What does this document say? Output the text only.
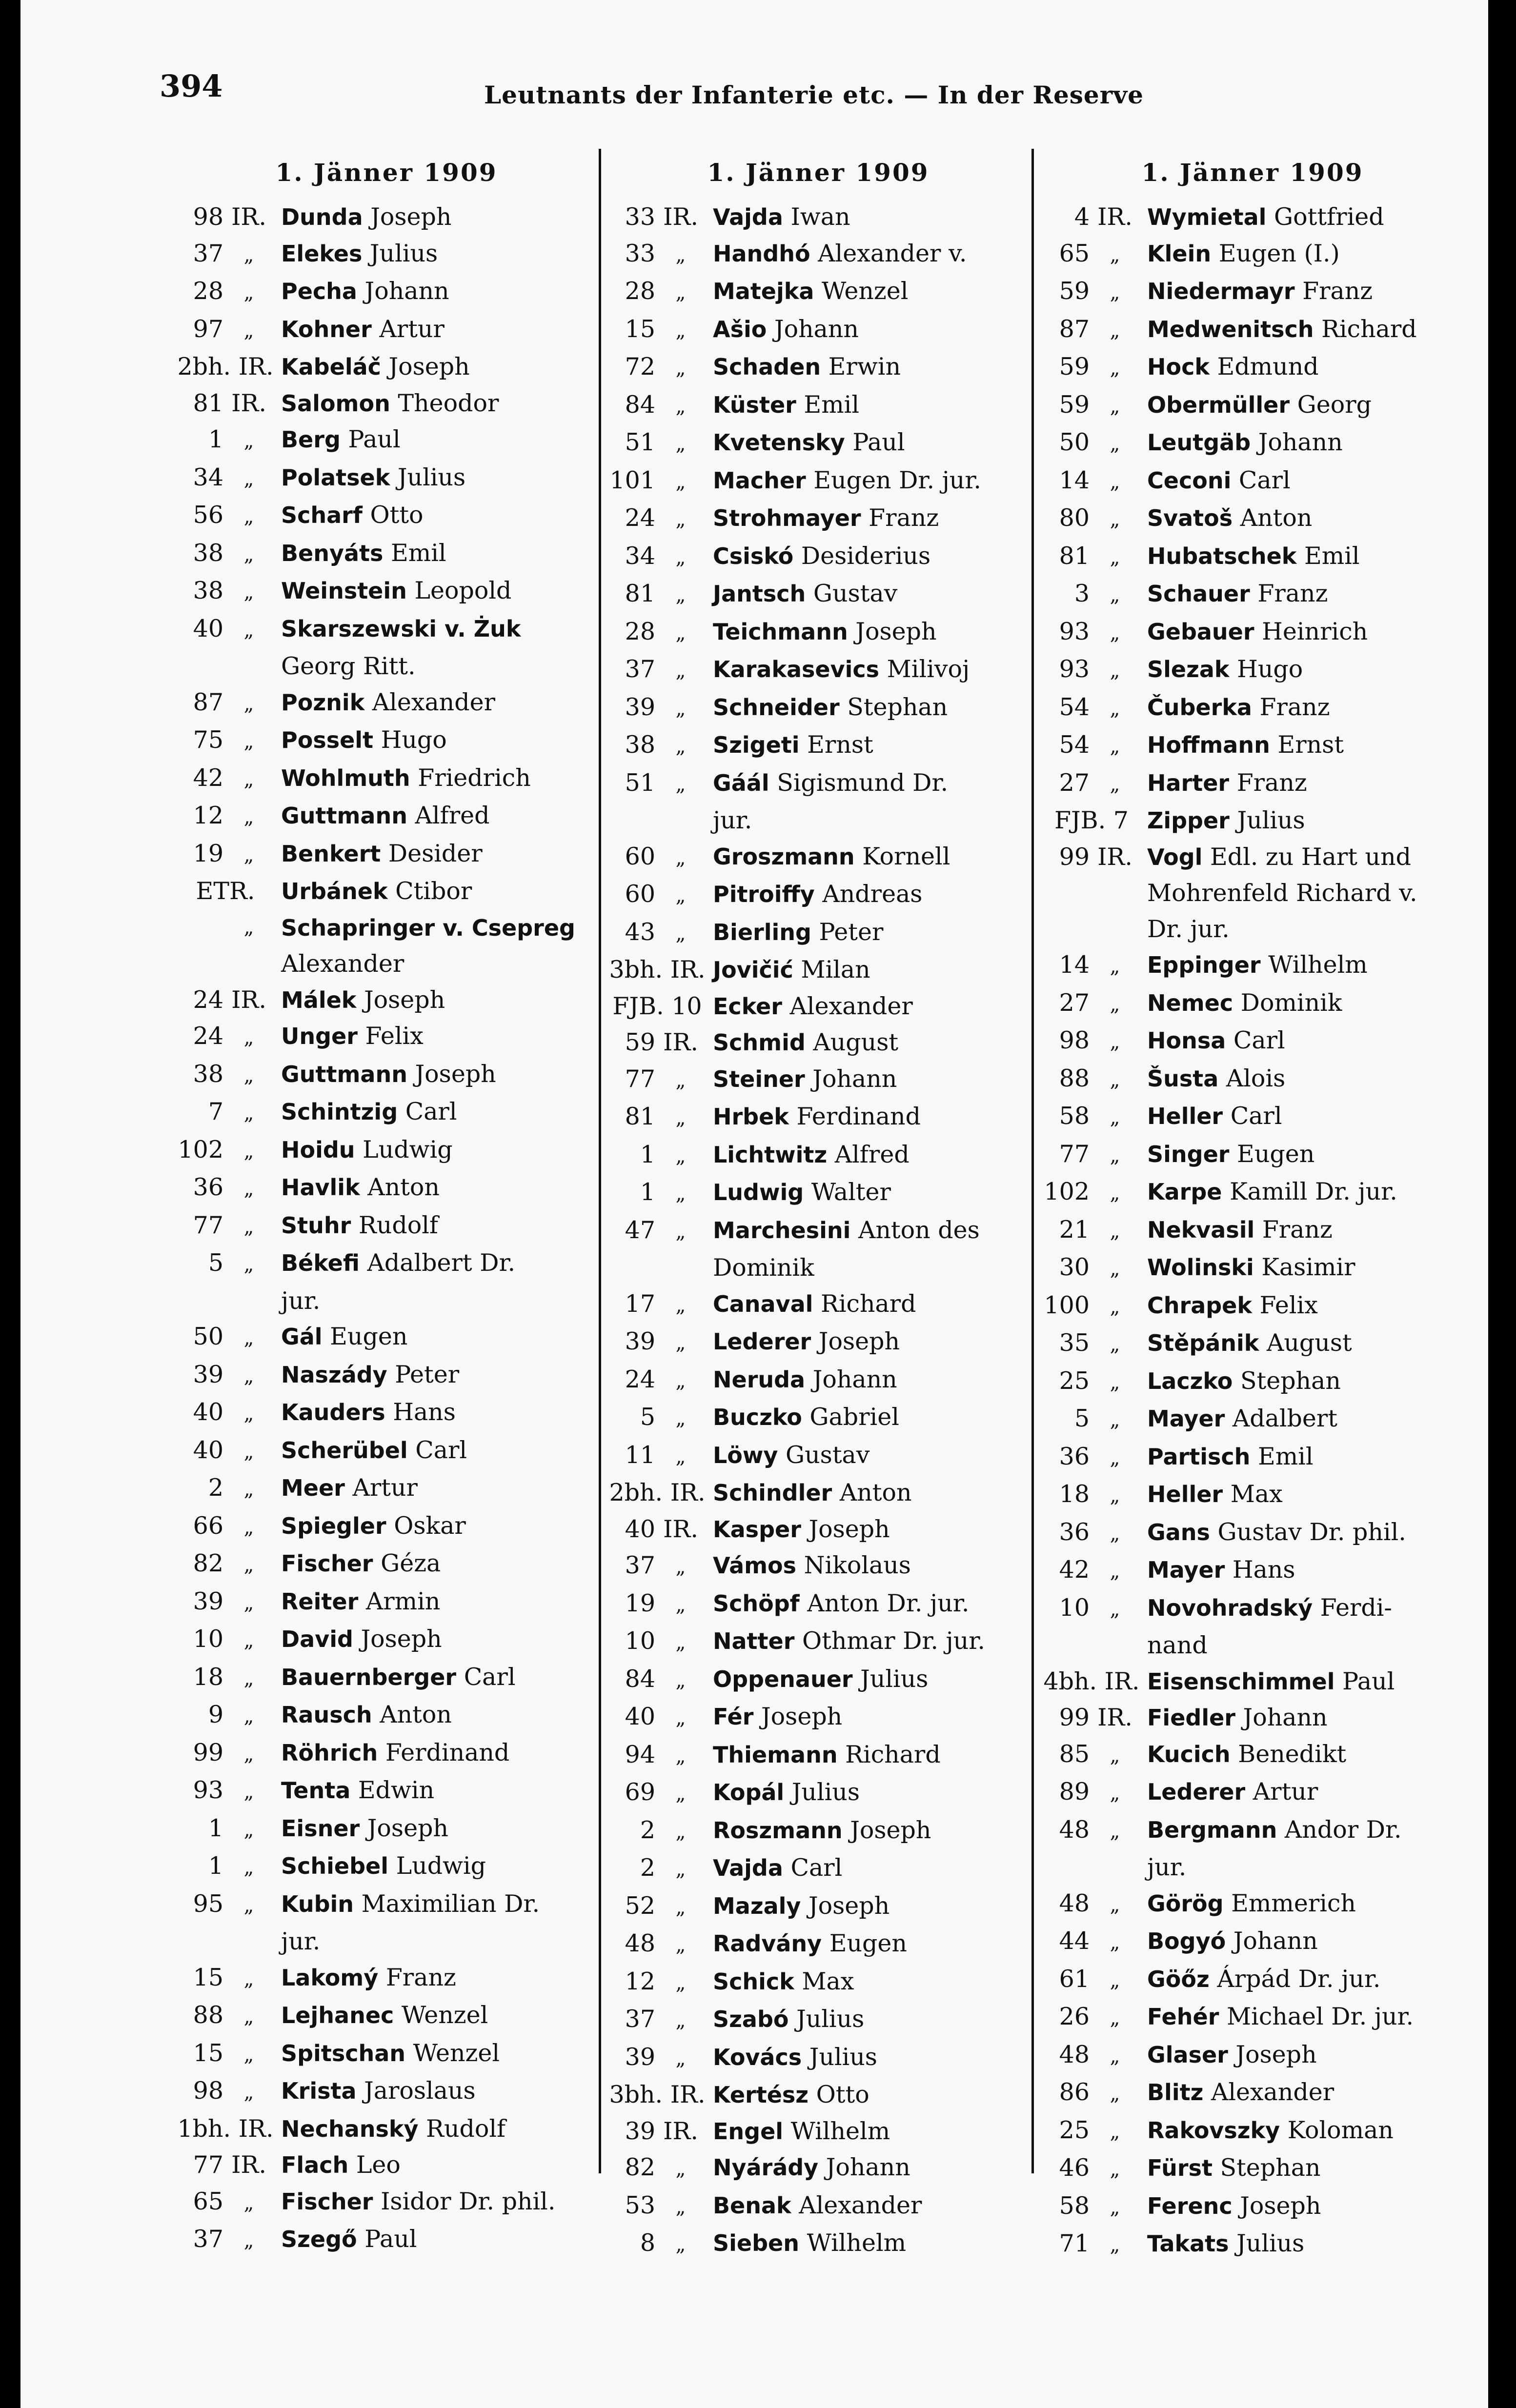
394	Leutnants der Infanterie etc. — In der Reserve
1. Jänner 1909
98 IR. Dunda Joseph
37	„	Elekes Julius
28	„	Pecha Johann
97	„	Kohner Artur
2bh. IR. Kabeláč Joseph
81 IR. Salomon Theodor
1	„	Berg Paul
34	„	Polatsek Julius
56	„	Scharf Otto
38	„	Benyáts Emil
38	„	Weinstein Leopold
40	„	Skarszewski v. Żuk
Georg Ritt.
87	„	Poznik Alexander
75	„	Posselt Hugo
42	„	Wohlmuth Friedrich
12	„	Guttmann Alfred
19	„	Benkert Desider
ETR.	Urbánek Ctibor
„	Schapringer v. Csepreg
Alexander
24 IR. Málek Joseph
24	„	Unger Felix
38	„	Guttmann Joseph
7	„	Schintzig Carl
102	„	Hoidu Ludwig
36	„	Havlik Anton
77	„	Stuhr Rudolf
5	„	Békefi Adalbert Dr.
jur.
50	„	Gál Eugen
39	„	Naszády Peter
40	„	Kauders Hans
40	„	Scherübel Carl
2	„	Meer Artur
66	„	Spiegler Oskar
82	„	Fischer Géza
39	„	Reiter Armin
10	„	David Joseph
18	„	Bauernberger Carl
9	„	Rausch Anton
99	„	Röhrich Ferdinand
93	„	Tenta Edwin
1	„	Eisner Joseph
1	„	Schiebel Ludwig
95	„	Kubin Maximilian Dr.
jur.
15	„	Lakomý Franz
88	„	Lejhanec Wenzel
15	„	Spitschan Wenzel
98	„	Krista Jaroslaus
1bh. IR. Nechanský Rudolf
77 IR. Flach Leo
65	„	Fischer Isidor Dr. phil.
37	„	Szegő Paul
1. Jänner 1909
33 IR. Vajda Iwan
33	„	Handhó Alexander v.
28	„	Matejka Wenzel
15	„	Ašio Johann
72	„	Schaden Erwin
84	„	Küster Emil
51	„	Kvetensky Paul
101	„	Macher Eugen Dr. jur.
24	„	Strohmayer Franz
34	„	Csiskó Desiderius
81	„	Jantsch Gustav
28	„	Teichmann Joseph
37	„	Karakasevics Milivoj
39	„	Schneider Stephan
38	„	Szigeti Ernst
51	„	Gáál Sigismund Dr.
jur.
60	„	Groszmann Kornell
60	„	Pitroiffy Andreas
43	„	Bierling Peter
3bh. IR. Jovičić Milan
FJB. 10 Ecker Alexander
59 IR. Schmid August
77	„	Steiner Johann
81	„	Hrbek Ferdinand
1	„	Lichtwitz Alfred
1	„	Ludwig Walter
47	„	Marchesini Anton des
Dominik
17	„	Canaval Richard
39	„	Lederer Joseph
24	„	Neruda Johann
5	„	Buczko Gabriel
11	„	Löwy Gustav
2bh. IR. Schindler Anton
40 IR. Kasper Joseph
37	„	Vámos Nikolaus
19	„	Schöpf Anton Dr. jur.
10	„	Natter Othmar Dr. jur.
84	„	Oppenauer Julius
40	„	Fér Joseph
94	„	Thiemann Richard
69	„	Kopál Julius
2	„	Roszmann Joseph
2	„	Vajda Carl
52	„	Mazaly Joseph
48	„	Radvány Eugen
12	„	Schick Max
37	„	Szabó Julius
39	„	Kovács Julius
3bh. IR. Kertész Otto
39 IR. Engel Wilhelm
82	„	Nyárády Johann
53	„	Benak Alexander
8	„	Sieben Wilhelm
1. Jänner 1909
4 IR. Wymietal Gottfried
65	„	Klein Eugen (I.)
59	„	Niedermayr Franz
87	„	Medwenitsch Richard
59	„	Hock Edmund
59	„	Obermüller Georg
50	„	Leutgäb Johann
14	„	Ceconi Carl
80	„	Svatoš Anton
81	„	Hubatschek Emil
3	„	Schauer Franz
93	„	Gebauer Heinrich
93	„	Slezak Hugo
54	„	Čuberka Franz
54	„	Hoffmann Ernst
27	„	Harter Franz
FJB. 7 Zipper Julius
99 IR. Vogl Edl. zu Hart und
Mohrenfeld Richard v.
Dr. jur.
14	„	Eppinger Wilhelm
27	„	Nemec Dominik
98	„	Honsa Carl
88	„	Šusta Alois
58	„	Heller Carl
77	„	Singer Eugen
102	„	Karpe Kamill Dr. jur.
21	„	Nekvasil Franz
30	„	Wolinski Kasimir
100	„	Chrapek Felix
35	„	Stěpánik August
25	„	Laczko Stephan
5	„	Mayer Adalbert
36	„	Partisch Emil
18	„	Heller Max
36	„	Gans Gustav Dr. phil.
42	„	Mayer Hans
10	„	Novohradský Ferdi-
nand
4bh. IR. Eisenschimmel Paul
99 IR. Fiedler Johann
85	„	Kucich Benedikt
89	„	Lederer Artur
48	„	Bergmann Andor Dr.
jur.
48	„	Görög Emmerich
44	„	Bogyó Johann
61	„	Göőz Árpád Dr. jur.
26	„	Fehér Michael Dr. jur.
48	„	Glaser Joseph
86	„	Blitz Alexander
25	„	Rakovszky Koloman
46	„	Fürst Stephan
58	„	Ferenc Joseph
71	„	Takats Julius
